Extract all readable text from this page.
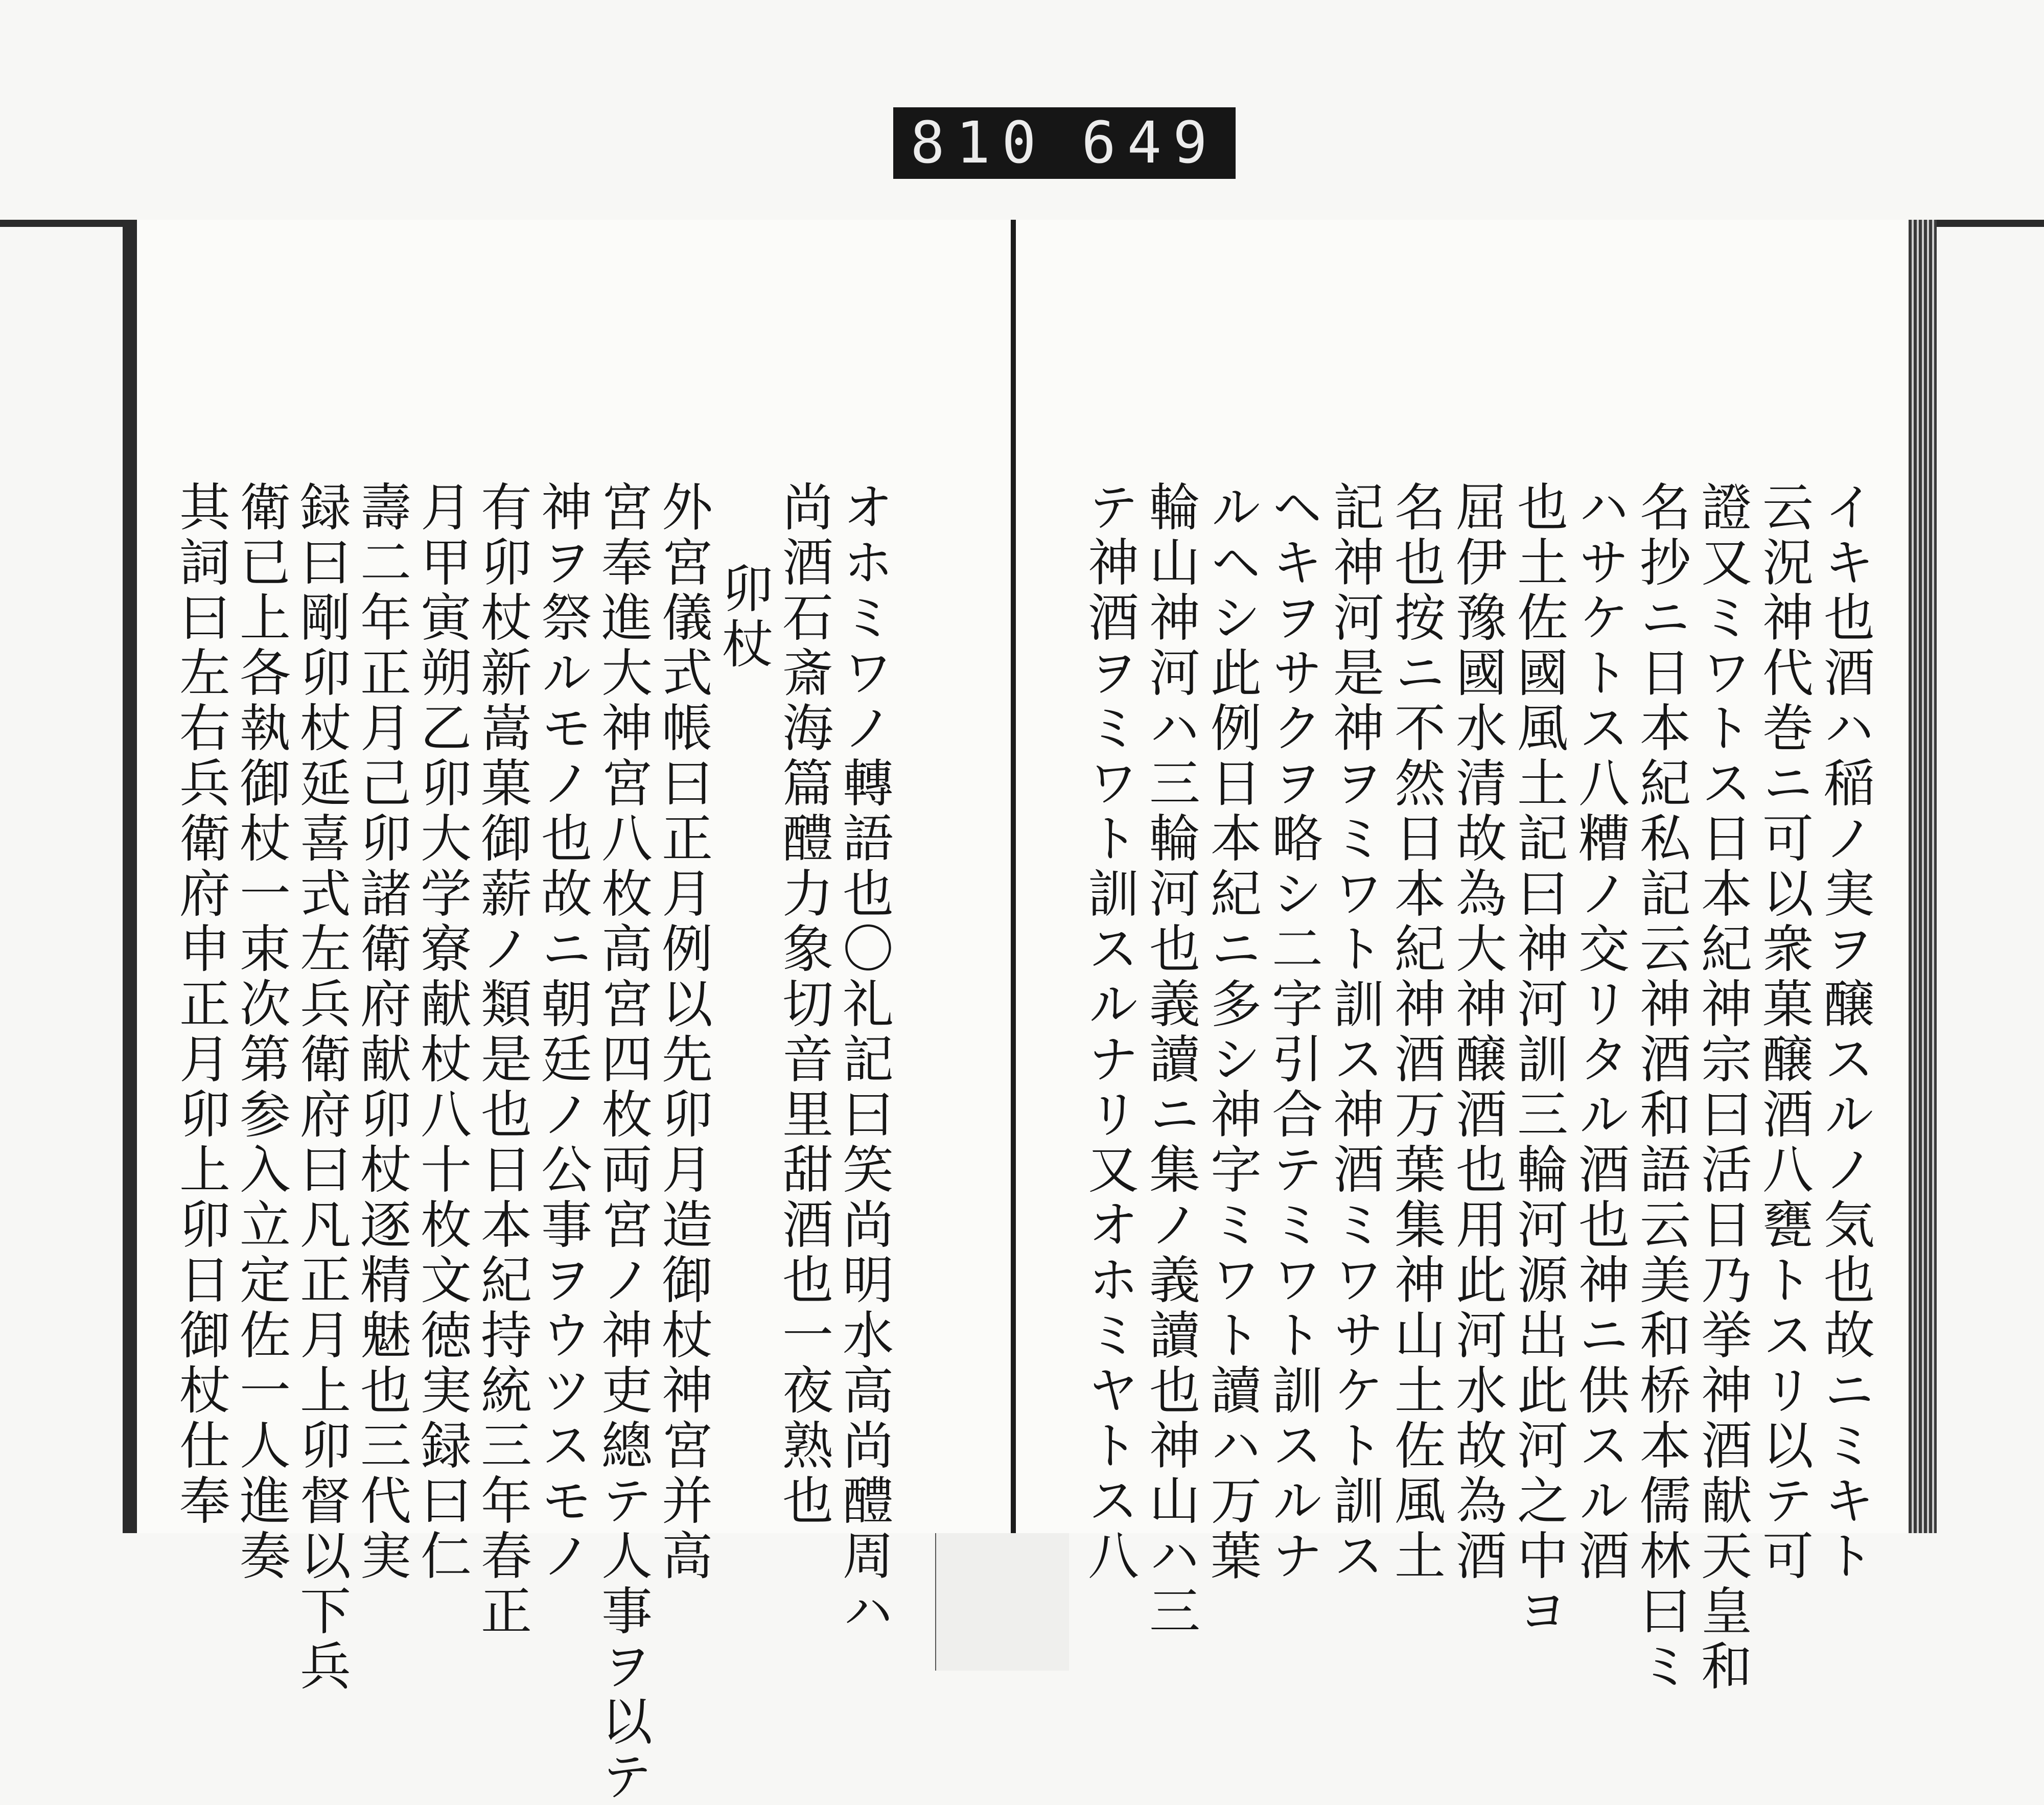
810 649
イキ也酒ハ稲ノ実ヲ醸スルノ気也故ニミキト
云況神代巻ニ可以衆菓醸酒八甕トスリ以テ可
證又ミワトス日本紀神宗曰活日乃挙神酒献天皇和
名抄ニ日本紀私記云神酒和語云美和桥本儒林曰ミ
ハサケトス八糟ノ交リタル酒也神ニ供スル酒
也土佐國風土記曰神河訓三輪河源出此河之中ヨ
屈伊豫國水清故為大神醸酒也用此河水故為酒
名也按ニ不然日本紀神酒万葉集神山土佐風土
記神河是神ヲミワト訓ス神酒ミワサケト訓ス
ヘキヲサクヲ略シ二字引合テミワト訓スルナ
ルヘシ此例日本紀ニ多シ神字ミワト讀ハ万葉
輪山神河ハ三輪河也義讀ニ集ノ義讀也神山ハ三
テ神酒ヲミワト訓スルナリ又オホミヤトス八
オホミワノ轉語也〇礼記曰笑尚明水高尚醴周ハ
尚酒石斎海篇醴力象切音里甜酒也一夜熟也
卯杖
外宮儀式帳曰正月例以先卯月造御杖神宮并高
宮奉進大神宮八枚高宮四枚両宮ノ神吏總テ人事ヲ以テ
神ヲ祭ルモノ也故ニ朝廷ノ公事ヲウツスモノ
有卯杖新嵩菓御薪ノ類是也日本紀持統三年春正
月甲寅朔乙卯大学寮献杖八十枚文徳実録曰仁
壽二年正月己卯諸衛府献卯杖逐精魅也三代実
録曰剛卯杖延喜式左兵衛府曰凡正月上卯督以下兵
衛已上各執御杖一束次第参入立定佐一人進奏
其詞曰左右兵衛府申正月卯上卯日御杖仕奉
